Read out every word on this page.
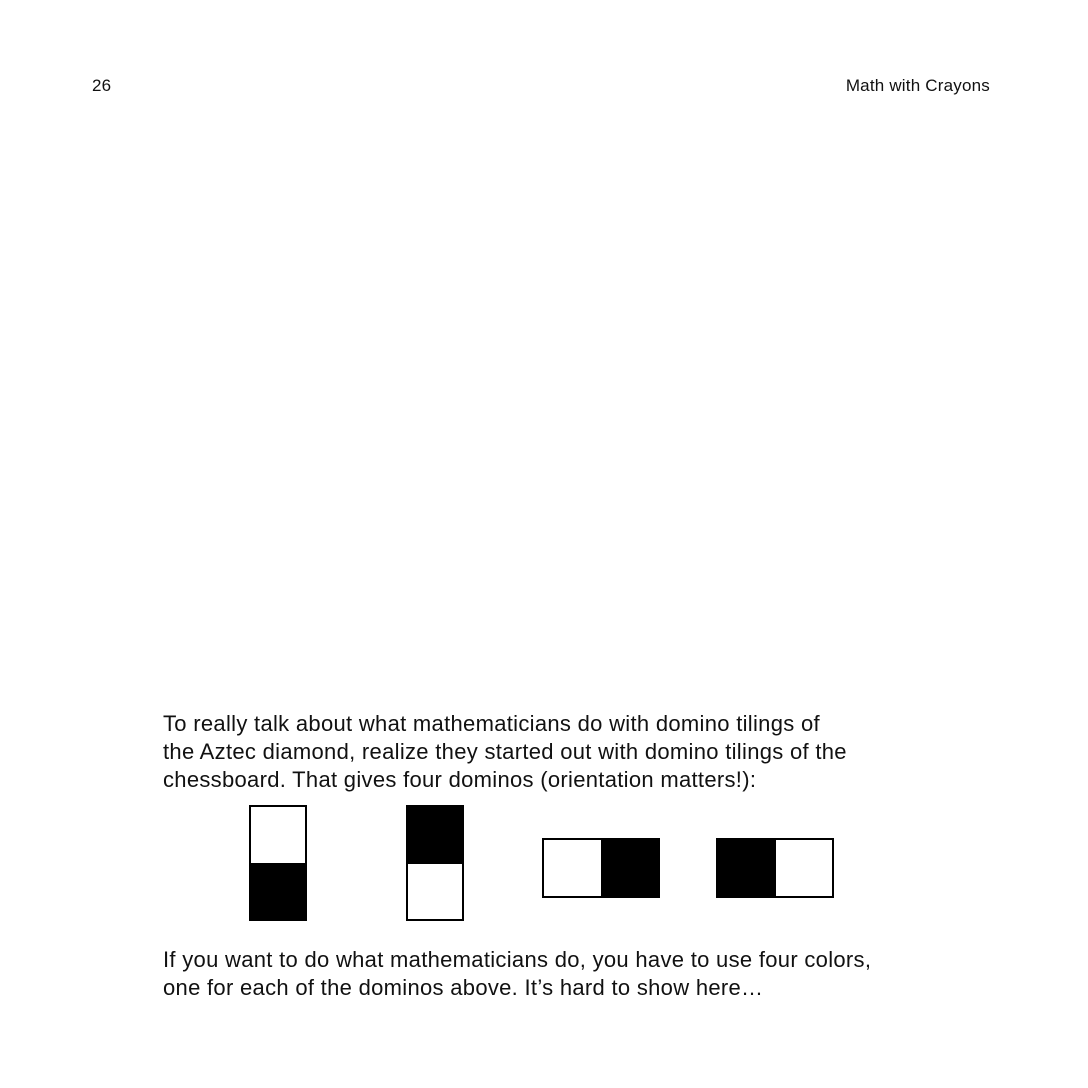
26	Math with Crayons
To really talk about what mathematicians do with domino tilings of
the Aztec diamond, realize they started out with domino tilings of the
chessboard. That gives four dominos (orientation matters!):
If you want to do what mathematicians do, you have to use four colors,
one for each of the dominos above. It’s hard to show here…
